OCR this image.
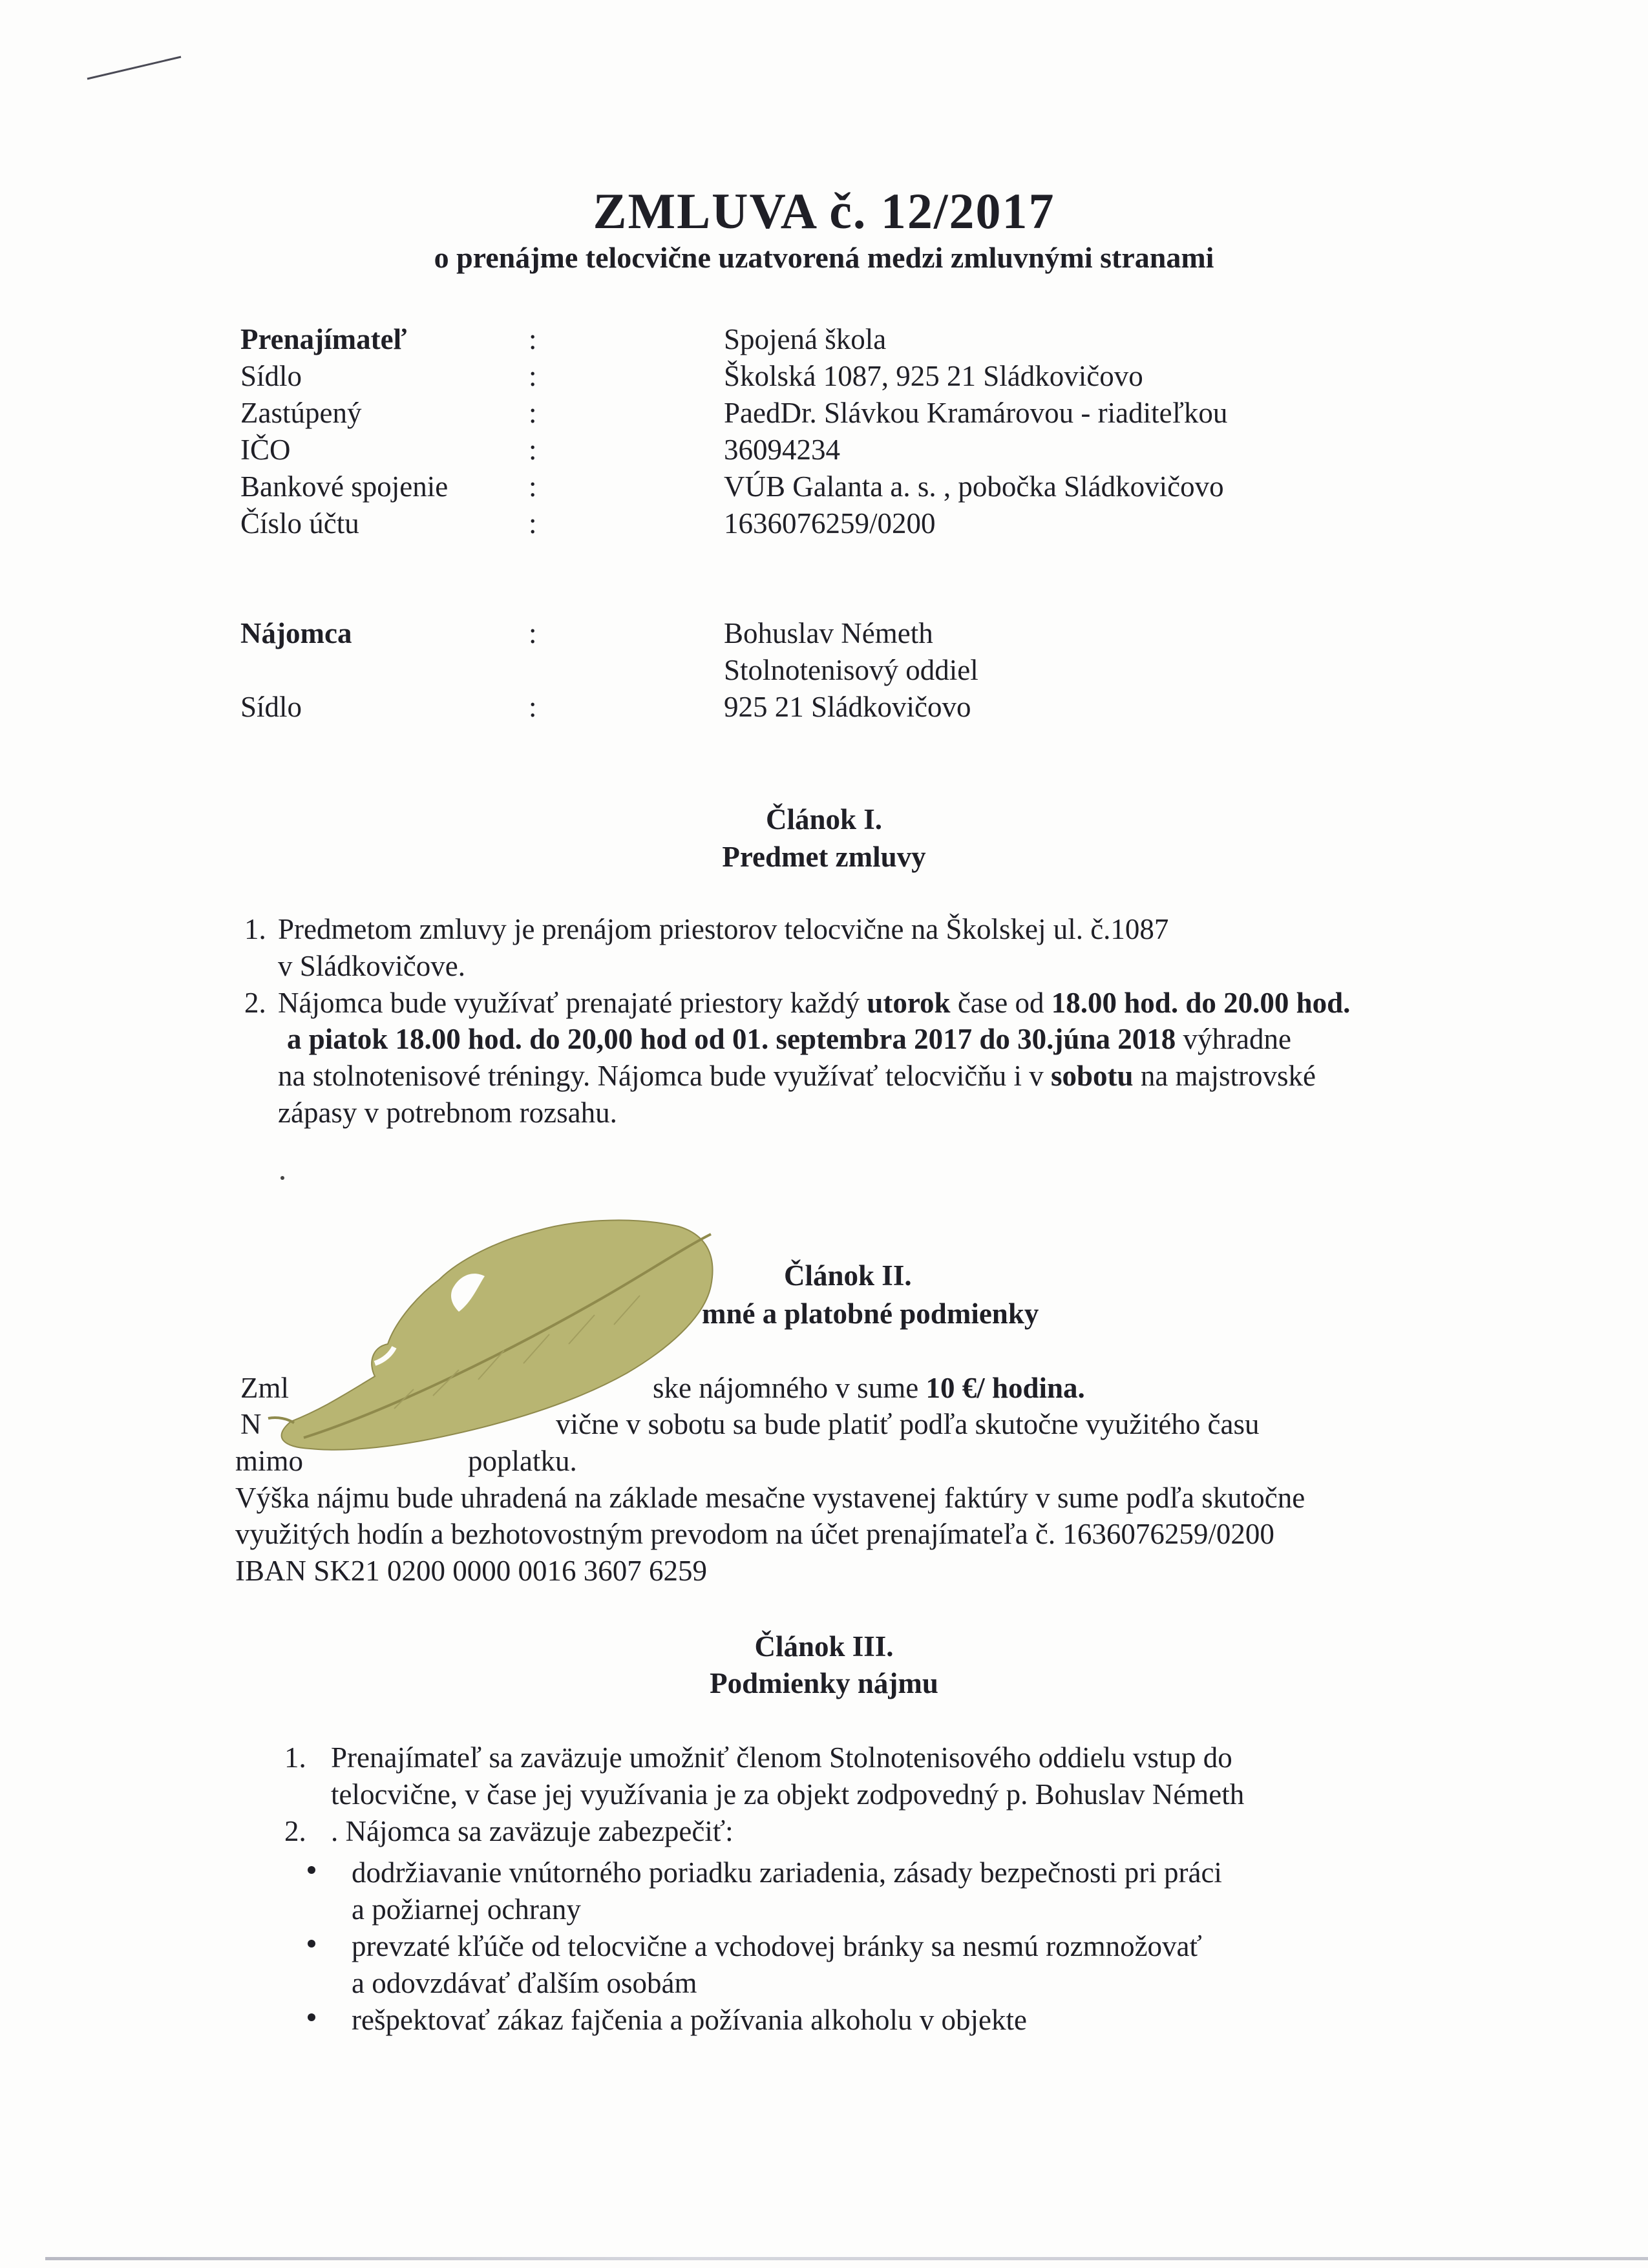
ZMLUVA č. 12/2017
o prenájme telocvične uzatvorená medzi zmluvnými stranami
Prenajímateľ	:	Spojená škola
Sídlo	:	Školská 1087, 925 21 Sládkovičovo
Zastúpený	:	PaedDr. Slávkou Kramárovou - riaditeľkou
IČO	:	36094234
Bankové spojenie	:	VÚB Galanta a. s. , pobočka Sládkovičovo
Číslo účtu	:	1636076259/0200
Nájomca	:	Bohuslav Németh
Stolnotenisový oddiel
Sídlo	:	925 21 Sládkovičovo
Článok I.
Predmet zmluvy
1. Predmetom zmluvy je prenájom priestorov telocvične na Školskej ul. č.1087
v Sládkovičove.
2. Nájomca bude využívať prenajaté priestory každý utorok čase od 18.00 hod. do 20.00 hod.
a piatok 18.00 hod. do 20,00 hod od 01. septembra 2017 do 30.júna 2018 výhradne
na stolnotenisové tréningy. Nájomca bude využívať telocvičňu i v sobotu na majstrovské
zápasy v potrebnom rozsahu.
Článok II.
mné a platobné podmienky
Zml	ske nájomného v sume 10 €/ hodina.
N	vične v sobotu sa bude platiť podľa skutočne využitého času
mimo	poplatku.
Výška nájmu bude uhradená na základe mesačne vystavenej faktúry v sume podľa skutočne
využitých hodín a bezhotovostným prevodom na účet prenajímateľa č. 1636076259/0200
IBAN SK21 0200 0000 0016 3607 6259
Článok III.
Podmienky nájmu
1. Prenajímateľ sa zaväzuje umožniť členom Stolnotenisového oddielu vstup do
telocvične, v čase jej využívania je za objekt zodpovedný p. Bohuslav Németh
2. . Nájomca sa zaväzuje zabezpečiť:
dodržiavanie vnútorného poriadku zariadenia, zásady bezpečnosti pri práci
a požiarnej ochrany
prevzaté kľúče od telocvične a vchodovej bránky sa nesmú rozmnožovať
a odovzdávať ďalším osobám
rešpektovať zákaz fajčenia a požívania alkoholu v objekte
